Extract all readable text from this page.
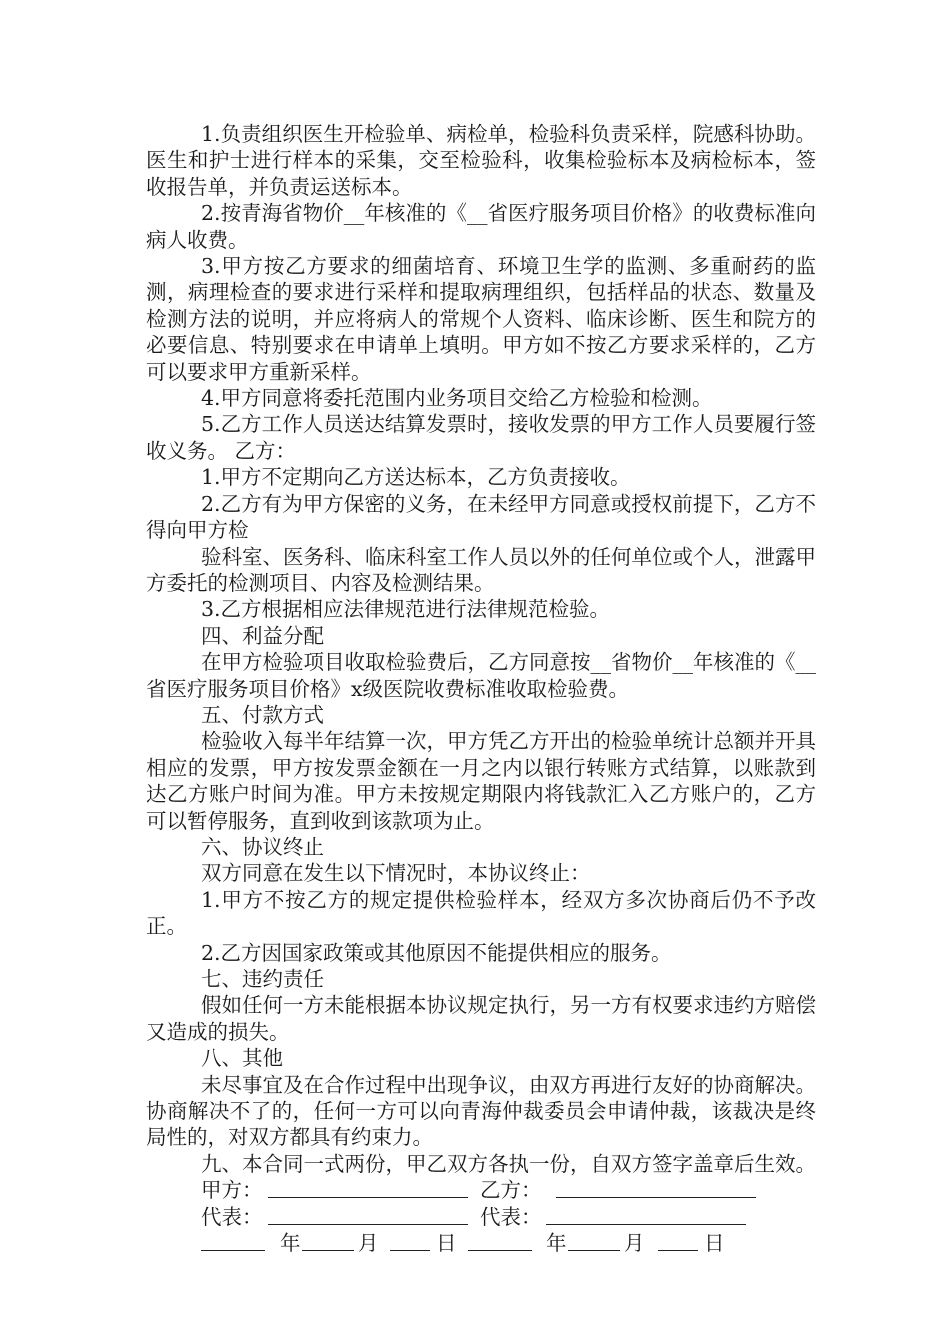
1.负责组织医生开检验单、病检单，检验科负责采样，院感科协助。医生和护士进行样本的采集，交至检验科，收集检验标本及病检标本，签收报告单，并负责运送标本。

2.按青海省物价__年核准的《__省医疗服务项目价格》的收费标准向病人收费。

3.甲方按乙方要求的细菌培育、环境卫生学的监测、多重耐药的监测，病理检查的要求进行采样和提取病理组织，包括样品的状态、数量及检测方法的说明，并应将病人的常规个人资料、临床诊断、医生和院方的必要信息、特别要求在申请单上填明。甲方如不按乙方要求采样的，乙方可以要求甲方重新采样。

4.甲方同意将委托范围内业务项目交给乙方检验和检测。

5.乙方工作人员送达结算发票时，接收发票的甲方工作人员要履行签收义务。 乙方：

1.甲方不定期向乙方送达标本，乙方负责接收。

2.乙方有为甲方保密的义务，在未经甲方同意或授权前提下，乙方不得向甲方检

验科室、医务科、临床科室工作人员以外的任何单位或个人，泄露甲方委托的检测项目、内容及检测结果。

3.乙方根据相应法律规范进行法律规范检验。

四、利益分配

在甲方检验项目收取检验费后，乙方同意按__省物价__年核准的《__省医疗服务项目价格》x级医院收费标准收取检验费。

五、付款方式

检验收入每半年结算一次，甲方凭乙方开出的检验单统计总额并开具相应的发票，甲方按发票金额在一月之内以银行转账方式结算，以账款到达乙方账户时间为准。甲方未按规定期限内将钱款汇入乙方账户的，乙方可以暂停服务，直到收到该款项为止。

六、协议终止

双方同意在发生以下情况时，本协议终止：

1.甲方不按乙方的规定提供检验样本，经双方多次协商后仍不予改正。

2.乙方因国家政策或其他原因不能提供相应的服务。

七、违约责任

假如任何一方未能根据本协议规定执行，另一方有权要求违约方赔偿又造成的损失。

八、其他

未尽事宜及在合作过程中出现争议，由双方再进行友好的协商解决。协商解决不了的，任何一方可以向青海仲裁委员会申请仲裁，该裁决是终局性的，对双方都具有约束力。

九、本合同一式两份，甲乙双方各执一份，自双方签字盖章后生效。

甲方：	乙方：
代表：	代表：
年	月	日	年	月	日
